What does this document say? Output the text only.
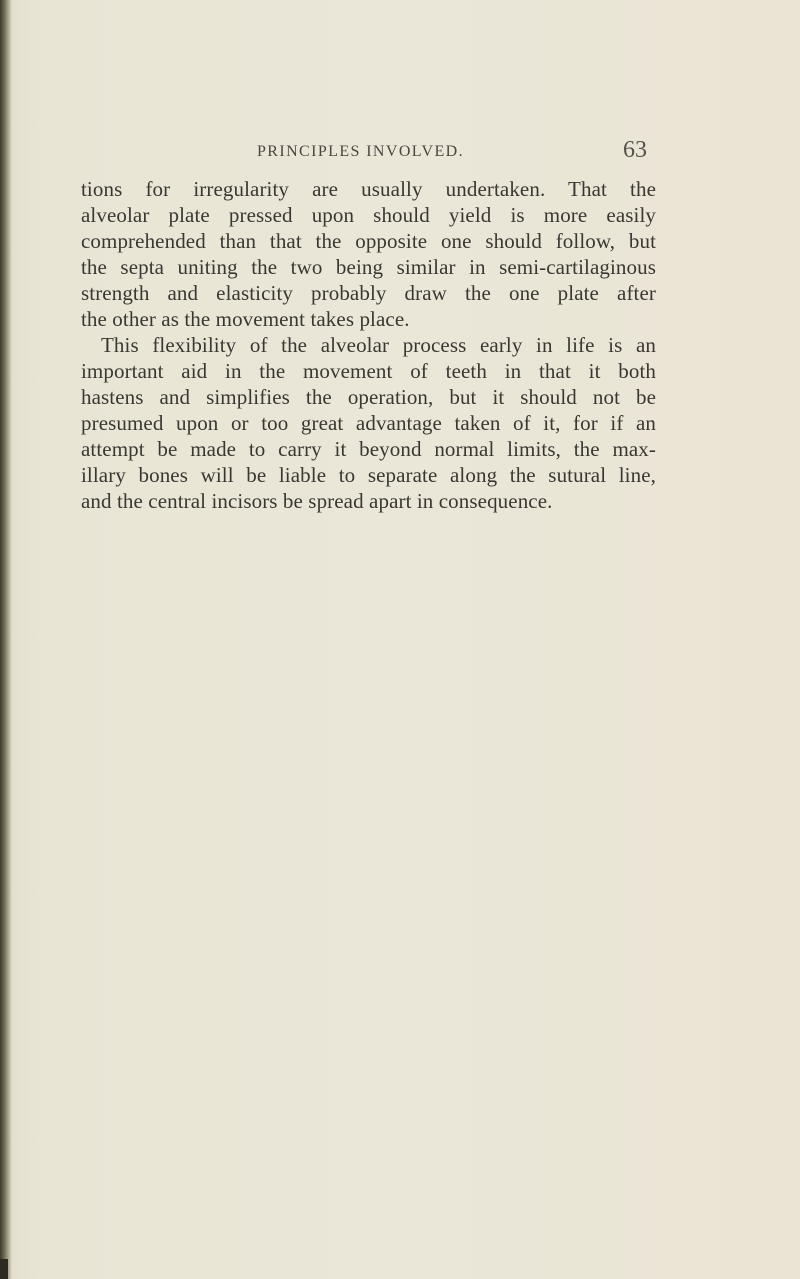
PRINCIPLES INVOLVED.	63
tions for irregularity are usually undertaken. That the
alveolar plate pressed upon should yield is more easily
comprehended than that the opposite one should follow, but
the septa uniting the two being similar in semi-cartilaginous
strength and elasticity probably draw the one plate after
the other as the movement takes place.
This flexibility of the alveolar process early in life is an
important aid in the movement of teeth in that it both
hastens and simplifies the operation, but it should not be
presumed upon or too great advantage taken of it, for if an
attempt be made to carry it beyond normal limits, the max-
illary bones will be liable to separate along the sutural line,
and the central incisors be spread apart in consequence.
